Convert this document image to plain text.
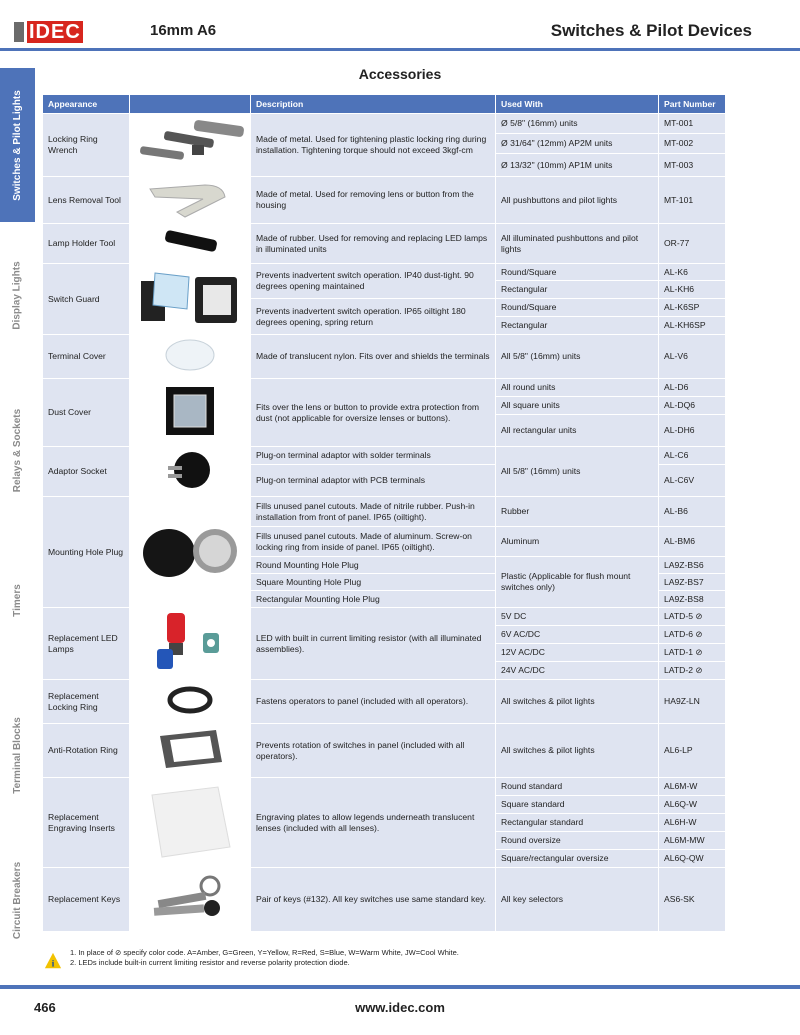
IDEC	16mm A6	Switches & Pilot Devices
Accessories
Switches & Pilot Lights
Display Lights
Relays & Sockets
Timers
Terminal Blocks
Circuit Breakers
Appearance		Description	Used With	Part Number
Locking Ring Wrench		Made of metal. Used for tightening plastic locking ring during installation. Tightening torque should not exceed 3kgf-cm	Ø 5/8" (16mm) units	MT-001
			Ø 31/64" (12mm) AP2M units	MT-002
			Ø 13/32" (10mm) AP1M units	MT-003
Lens Removal Tool		Made of metal. Used for removing lens or button from the housing	All pushbuttons and pilot lights	MT-101
Lamp Holder Tool		Made of rubber. Used for removing and replacing LED lamps in illuminated units	All illuminated pushbuttons and pilot lights	OR-77
Switch Guard		Prevents inadvertent switch operation. IP40 dust-tight. 90 degrees opening maintained	Round/Square	AL-K6
			Rectangular	AL-KH6
		Prevents inadvertent switch operation. IP65 oiltight 180 degrees opening, spring return	Round/Square	AL-K6SP
			Rectangular	AL-KH6SP
Terminal Cover		Made of translucent nylon. Fits over and shields the terminals	All 5/8" (16mm) units	AL-V6
Dust Cover		Fits over the lens or button to provide extra protection from dust (not applicable for oversize lenses or buttons).	All round units	AL-D6
			All square units	AL-DQ6
			All rectangular units	AL-DH6
Adaptor Socket		Plug-on terminal adaptor with solder terminals	All 5/8" (16mm) units	AL-C6
		Plug-on terminal adaptor with PCB terminals		AL-C6V
Mounting Hole Plug		Fills unused panel cutouts. Made of nitrile rubber. Push-in installation from front of panel. IP65 (oiltight).	Rubber	AL-B6
		Fills unused panel cutouts. Made of aluminum. Screw-on locking ring from inside of panel. IP65 (oiltight).	Aluminum	AL-BM6
		Round Mounting Hole Plug	Plastic (Applicable for flush mount switches only)	LA9Z-BS6
		Square Mounting Hole Plug		LA9Z-BS7
		Rectangular Mounting Hole Plug		LA9Z-BS8
Replacement LED Lamps		LED with built in current limiting resistor (with all illuminated assemblies).	5V DC	LATD-5 ⊘
			6V AC/DC	LATD-6 ⊘
			12V AC/DC	LATD-1 ⊘
			24V AC/DC	LATD-2 ⊘
Replacement Locking Ring		Fastens operators to panel (included with all operators).	All switches & pilot lights	HA9Z-LN
Anti-Rotation Ring		Prevents rotation of switches in panel (included with all operators).	All switches & pilot lights	AL6-LP
Replacement Engraving Inserts		Engraving plates to allow legends underneath translucent lenses (included with all lenses).	Round standard	AL6M-W
			Square standard	AL6Q-W
			Rectangular standard	AL6H-W
			Round oversize	AL6M-MW
			Square/rectangular oversize	AL6Q-QW
Replacement Keys		Pair of keys (#132). All key switches use same standard key.	All key selectors	AS6-SK
i
1. In place of ⊘ specify color code. A=Amber, G=Green, Y=Yellow, R=Red, S=Blue, W=Warm White, JW=Cool White.
2. LEDs include built-in current limiting resistor and reverse polarity protection diode.
466	www.idec.com
